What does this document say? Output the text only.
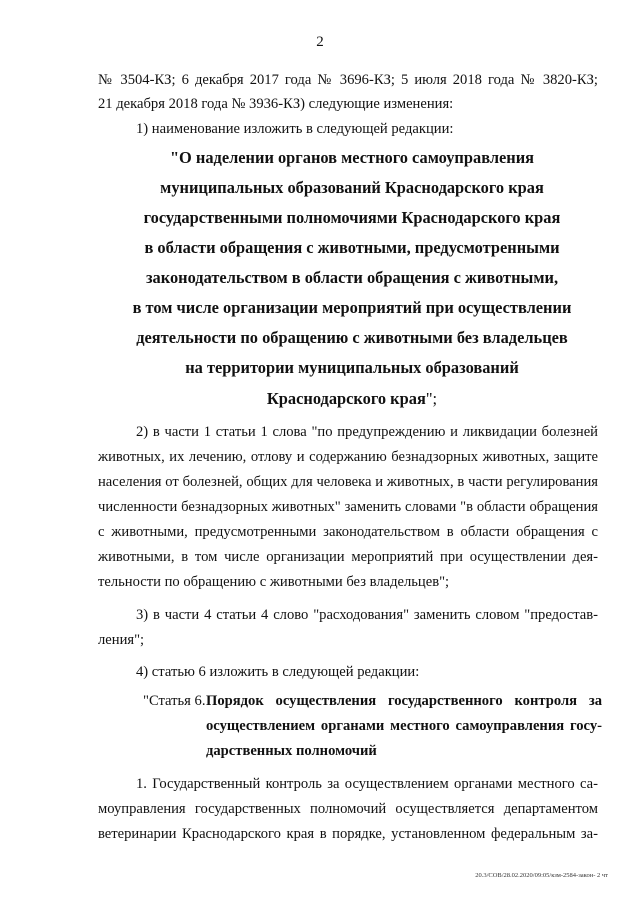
2
№ 3504-КЗ; 6 декабря 2017 года № 3696-КЗ; 5 июля 2018 года № 3820-КЗ;
21 декабря 2018 года № 3936-КЗ) следующие изменения:
1) наименование изложить в следующей редакции:
"О наделении органов местного самоуправления
муниципальных образований Краснодарского края
государственными полномочиями Краснодарского края
в области обращения с животными, предусмотренными
законодательством в области обращения с животными,
в том числе организации мероприятий при осуществлении
деятельности по обращению с животными без владельцев
на территории муниципальных образований
Краснодарского края";
2) в части 1 статьи 1 слова "по предупреждению и ликвидации болезней
животных, их лечению, отлову и содержанию безнадзорных животных, защите
населения от болезней, общих для человека и животных, в части регулирования
численности безнадзорных животных" заменить словами "в области обращения
с животными, предусмотренными законодательством в области обращения с
животными, в том числе организации мероприятий при осуществлении дея-
тельности по обращению с животными без владельцев";
3) в части 4 статьи 4 слово "расходования" заменить словом "предостав-
ления";
4) статью 6 изложить в следующей редакции:
"Статья 6. Порядок осуществления государственного контроля за
осуществлением органами местного самоуправления госу-
дарственных полномочий
1. Государственный контроль за осуществлением органами местного са-
моуправления государственных полномочий осуществляется департаментом
ветеринарии Краснодарского края в порядке, установленном федеральным за-
20.3/СОВ/28.02.2020/09:05/кзм-2584-закон- 2 чт
